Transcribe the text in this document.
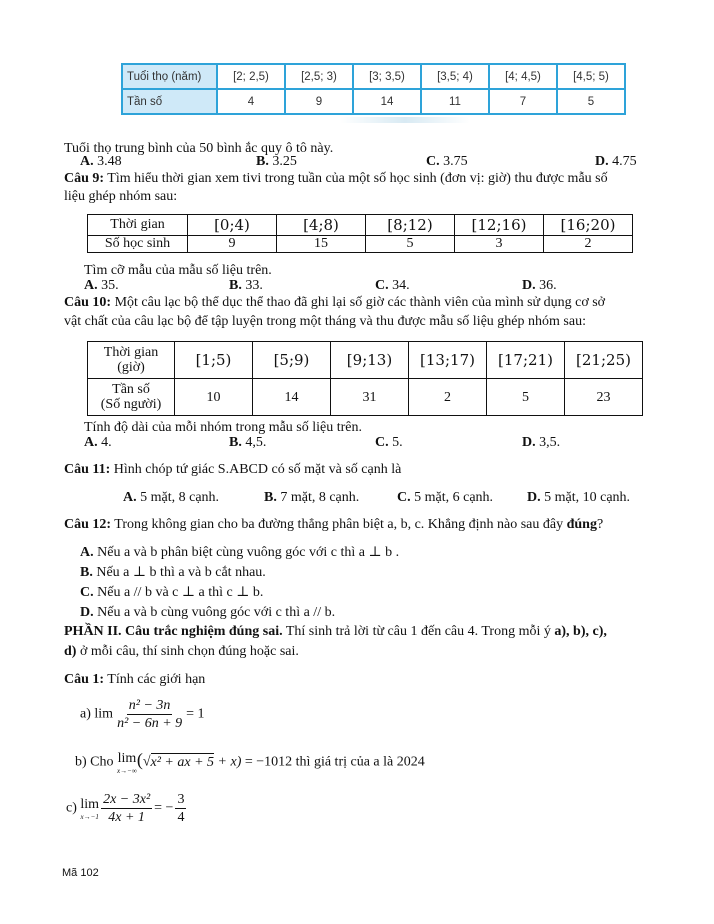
Tuổi thọ (năm)	[2; 2,5)	[2,5; 3)	[3; 3,5)	[3,5; 4)	[4; 4,5)	[4,5; 5)
Tần số	4	9	14	11	7	5
Tuổi thọ trung bình của 50 bình ắc quy ô tô này.
A. 3.48	B. 3.25	C. 3.75	D. 4.75
Câu 9: Tìm hiểu thời gian xem tivi trong tuần của một số học sinh (đơn vị: giờ) thu được mẫu số
liệu ghép nhóm sau:
Thời gian	[0;4)	[4;8)	[8;12)	[12;16)	[16;20)
Số học sinh	9	15	5	3	2
Tìm cỡ mẫu của mẫu số liệu trên.
A. 35.	B. 33.	C. 34.	D. 36.
Câu 10: Một câu lạc bộ thể dục thể thao đã ghi lại số giờ các thành viên của mình sử dụng cơ sở
vật chất của câu lạc bộ để tập luyện trong một tháng và thu được mẫu số liệu ghép nhóm sau:
Thời gian
(giờ)	[1;5)	[5;9)	[9;13)	[13;17)	[17;21)	[21;25)
Tần số
(Số người)	10	14	31	2	5	23
Tính độ dài của mỗi nhóm trong mẫu số liệu trên.
A. 4.	B. 4,5.	C. 5.	D. 3,5.
Câu 11: Hình chóp tứ giác S.ABCD có số mặt và số cạnh là
A. 5 mặt, 8 cạnh.	B. 7 mặt, 8 cạnh.	C. 5 mặt, 6 cạnh. D. 5 mặt, 10 cạnh.
Câu 12: Trong không gian cho ba đường thẳng phân biệt a, b, c. Khẳng định nào sau đây đúng?
A. Nếu a và b phân biệt cùng vuông góc với c thì a ⊥ b .
B. Nếu a ⊥ b thì a và b cắt nhau.
C. Nếu a // b và c ⊥ a thì c ⊥ b.
D. Nếu a và b cùng vuông góc với c thì a // b.
PHẦN II. Câu trắc nghiệm đúng sai. Thí sinh trả lời từ câu 1 đến câu 4. Trong mỗi ý a), b), c),
d) ở mỗi câu, thí sinh chọn đúng hoặc sai.
Câu 1: Tính các giới hạn
a) $\lim \frac{\text{n² − 3n}}{\text{n² − 6n + 9}} = 1$
b) Cho lim
x→−∞
(√x² + ax + 5 + x) = −1012 thì giá trị của a là 2024
c) lim
$x\to-1 \frac{\text{2x − 3x²}}{4x + 1}$ = − $\frac{3}{4}$
Mã 102
